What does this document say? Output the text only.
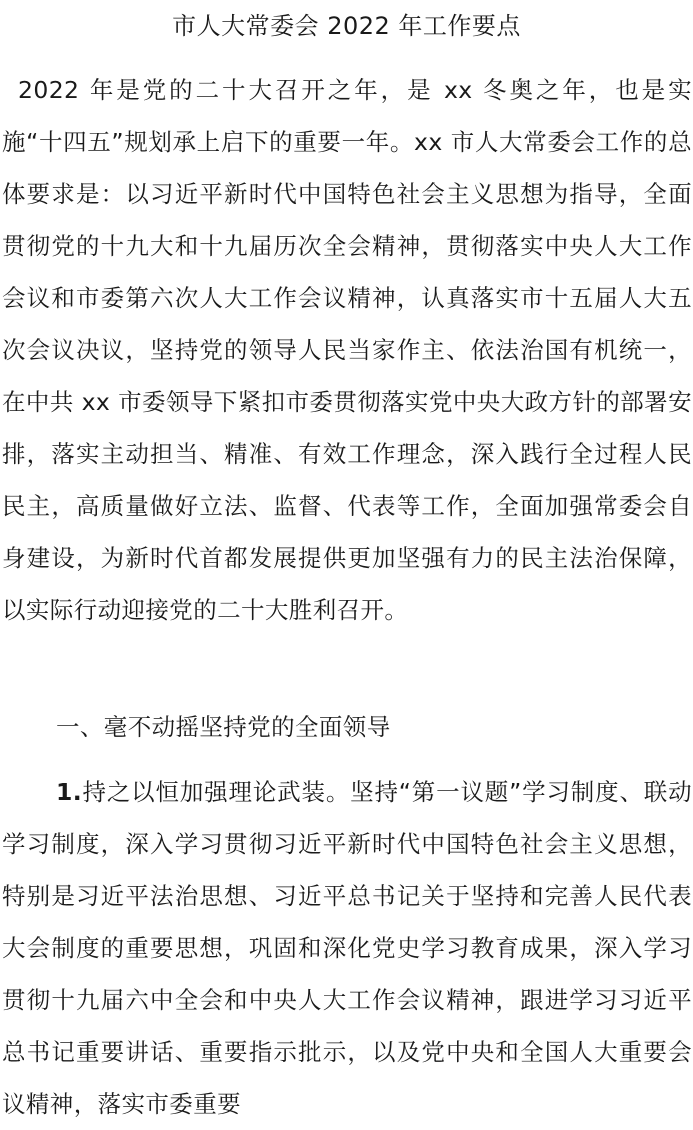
市人大常委会 2022 年工作要点

2022 年是党的二十大召开之年，是 xx 冬奥之年，也是实施“十四五”规划承上启下的重要一年。xx 市人大常委会工作的总体要求是：以习近平新时代中国特色社会主义思想为指导，全面贯彻党的十九大和十九届历次全会精神，贯彻落实中央人大工作会议和市委第六次人大工作会议精神，认真落实市十五届人大五次会议决议，坚持党的领导人民当家作主、依法治国有机统一，在中共 xx 市委领导下紧扣市委贯彻落实党中央大政方针的部署安排，落实主动担当、精准、有效工作理念，深入践行全过程人民民主，高质量做好立法、监督、代表等工作，全面加强常委会自身建设，为新时代首都发展提供更加坚强有力的民主法治保障，以实际行动迎接党的二十大胜利召开。

一、毫不动摇坚持党的全面领导

1.持之以恒加强理论武装。坚持“第一议题”学习制度、联动学习制度，深入学习贯彻习近平新时代中国特色社会主义思想，特别是习近平法治思想、习近平总书记关于坚持和完善人民代表大会制度的重要思想，巩固和深化党史学习教育成果，深入学习贯彻十九届六中全会和中央人大工作会议精神，跟进学习习近平总书记重要讲话、重要指示批示，以及党中央和全国人大重要会议精神，落实市委重要
